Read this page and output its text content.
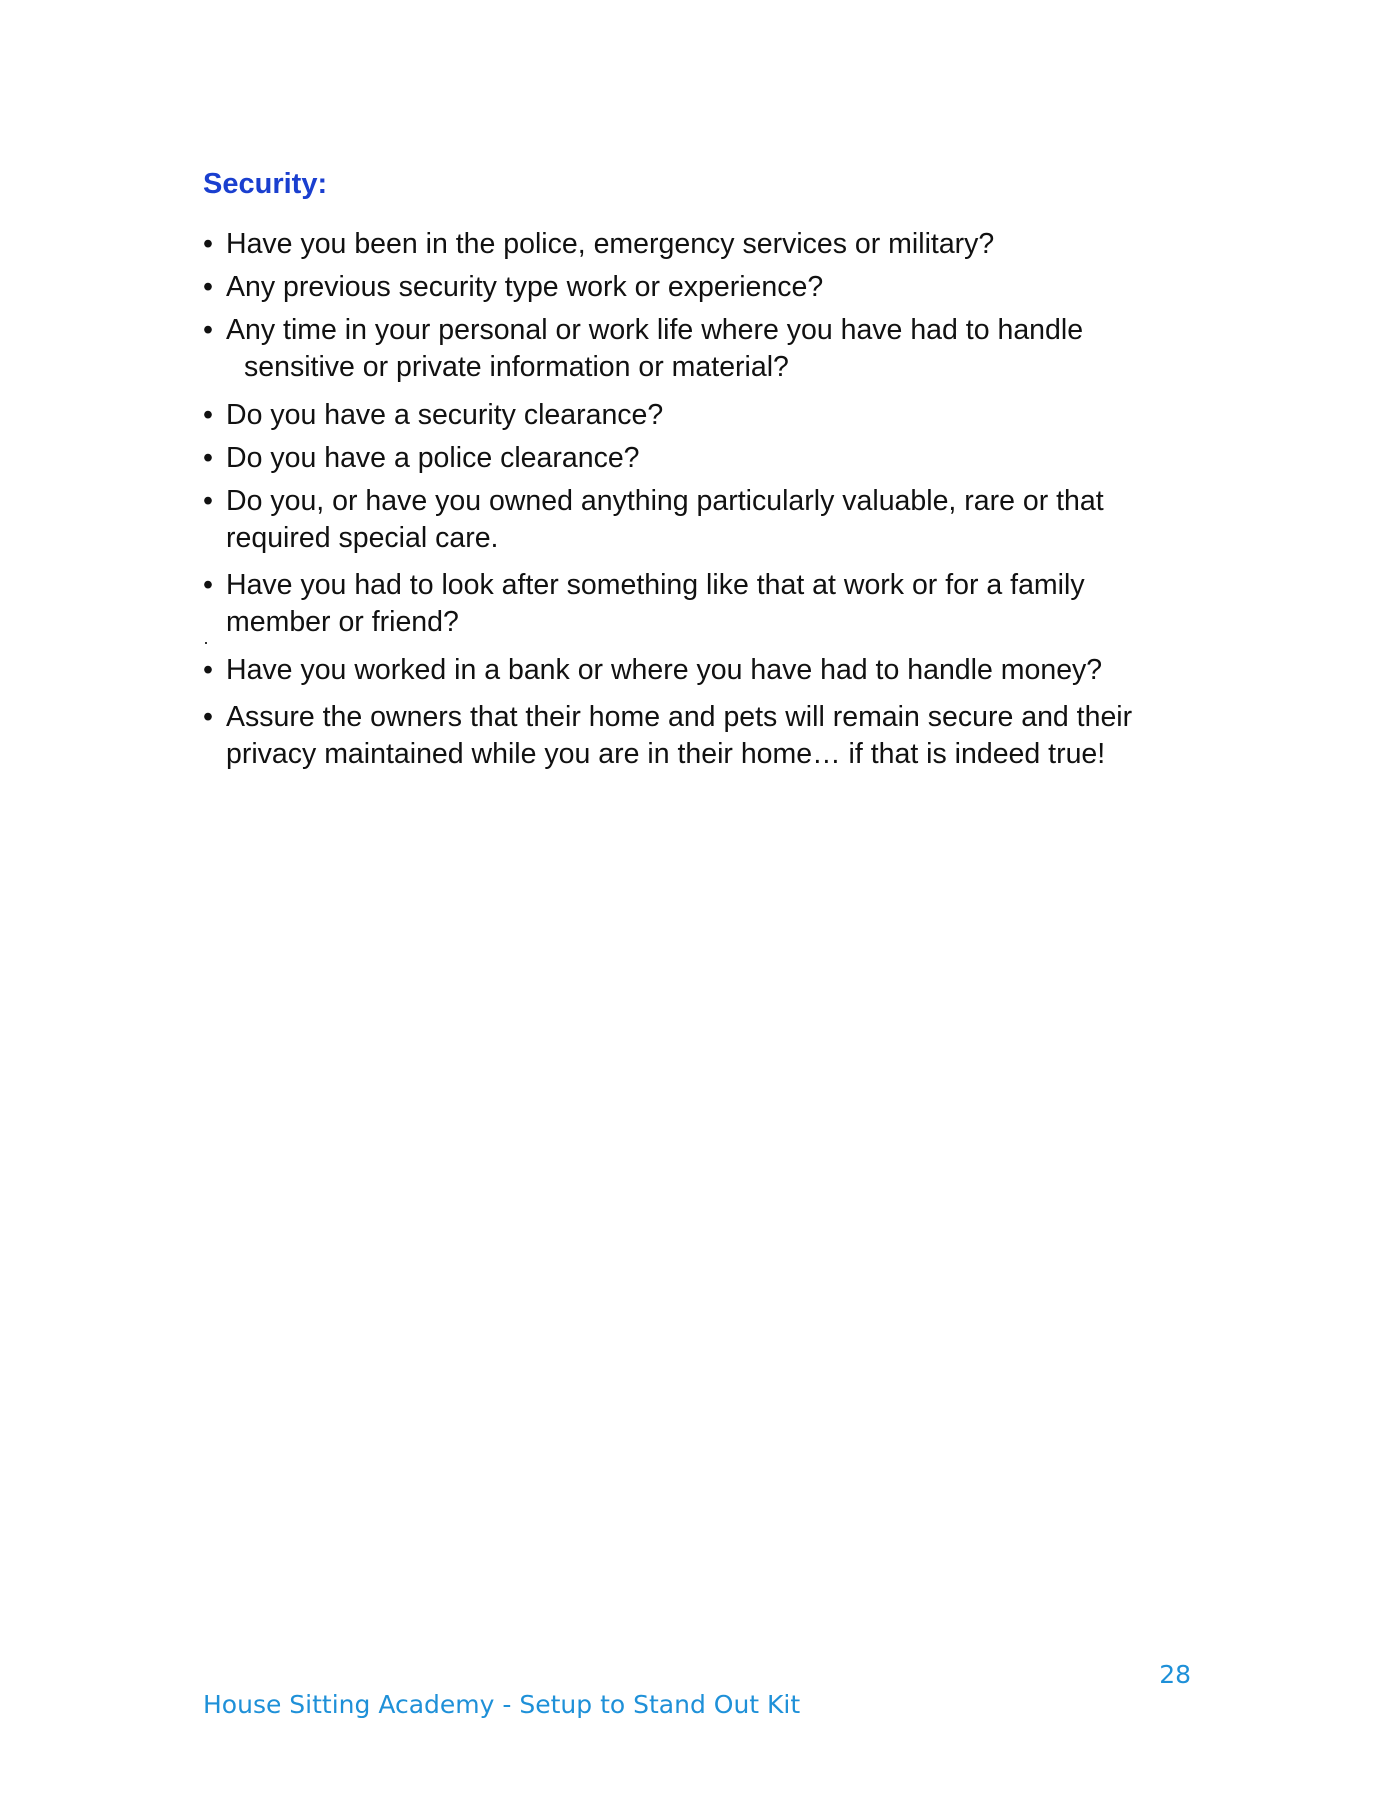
Security:
• Have you been in the police, emergency services or military?
• Any previous security type work or experience?
• Any time in your personal or work life where you have had to handle
sensitive or private information or material?
• Do you have a security clearance?
• Do you have a police clearance?
• Do you, or have you owned anything particularly valuable, rare or that
required special care.
• Have you had to look after something like that at work or for a family
member or friend?
• Have you worked in a bank or where you have had to handle money?
• Assure the owners that their home and pets will remain secure and their
privacy maintained while you are in their home… if that is indeed true!
28
House Sitting Academy - Setup to Stand Out Kit
